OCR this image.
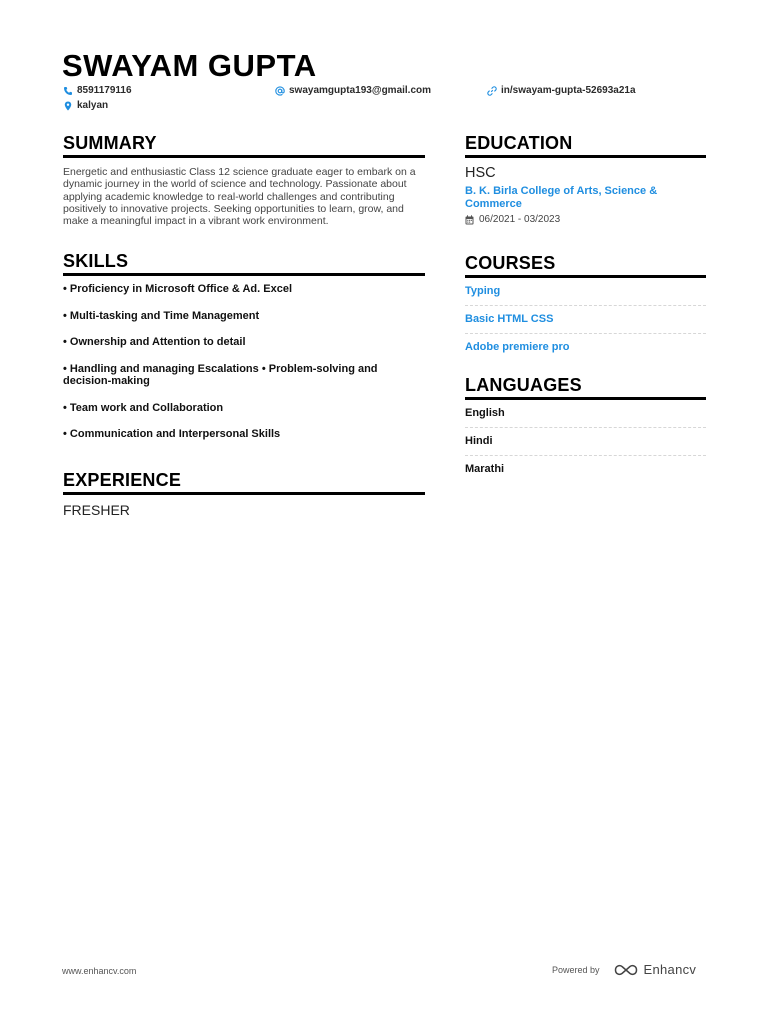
SWAYAM GUPTA
8591179116	swayamgupta193@gmail.com	in/swayam-gupta-52693a21a
kalyan
SUMMARY
Energetic and enthusiastic Class 12 science graduate eager to embark on a dynamic journey in the world of science and technology. Passionate about applying academic knowledge to real-world challenges and contributing positively to innovative projects. Seeking opportunities to learn, grow, and make a meaningful impact in a vibrant work environment.
SKILLS
• Proficiency in Microsoft Office & Ad. Excel
• Multi-tasking and Time Management
• Ownership and Attention to detail
• Handling and managing Escalations • Problem-solving and decision-making
• Team work and Collaboration
• Communication and Interpersonal Skills
EXPERIENCE
FRESHER
EDUCATION
HSC
B. K. Birla College of Arts, Science & Commerce
06/2021 - 03/2023
COURSES
Typing
Basic HTML CSS
Adobe premiere pro
LANGUAGES
English
Hindi
Marathi
www.enhancv.com	Powered by	Enhancv
